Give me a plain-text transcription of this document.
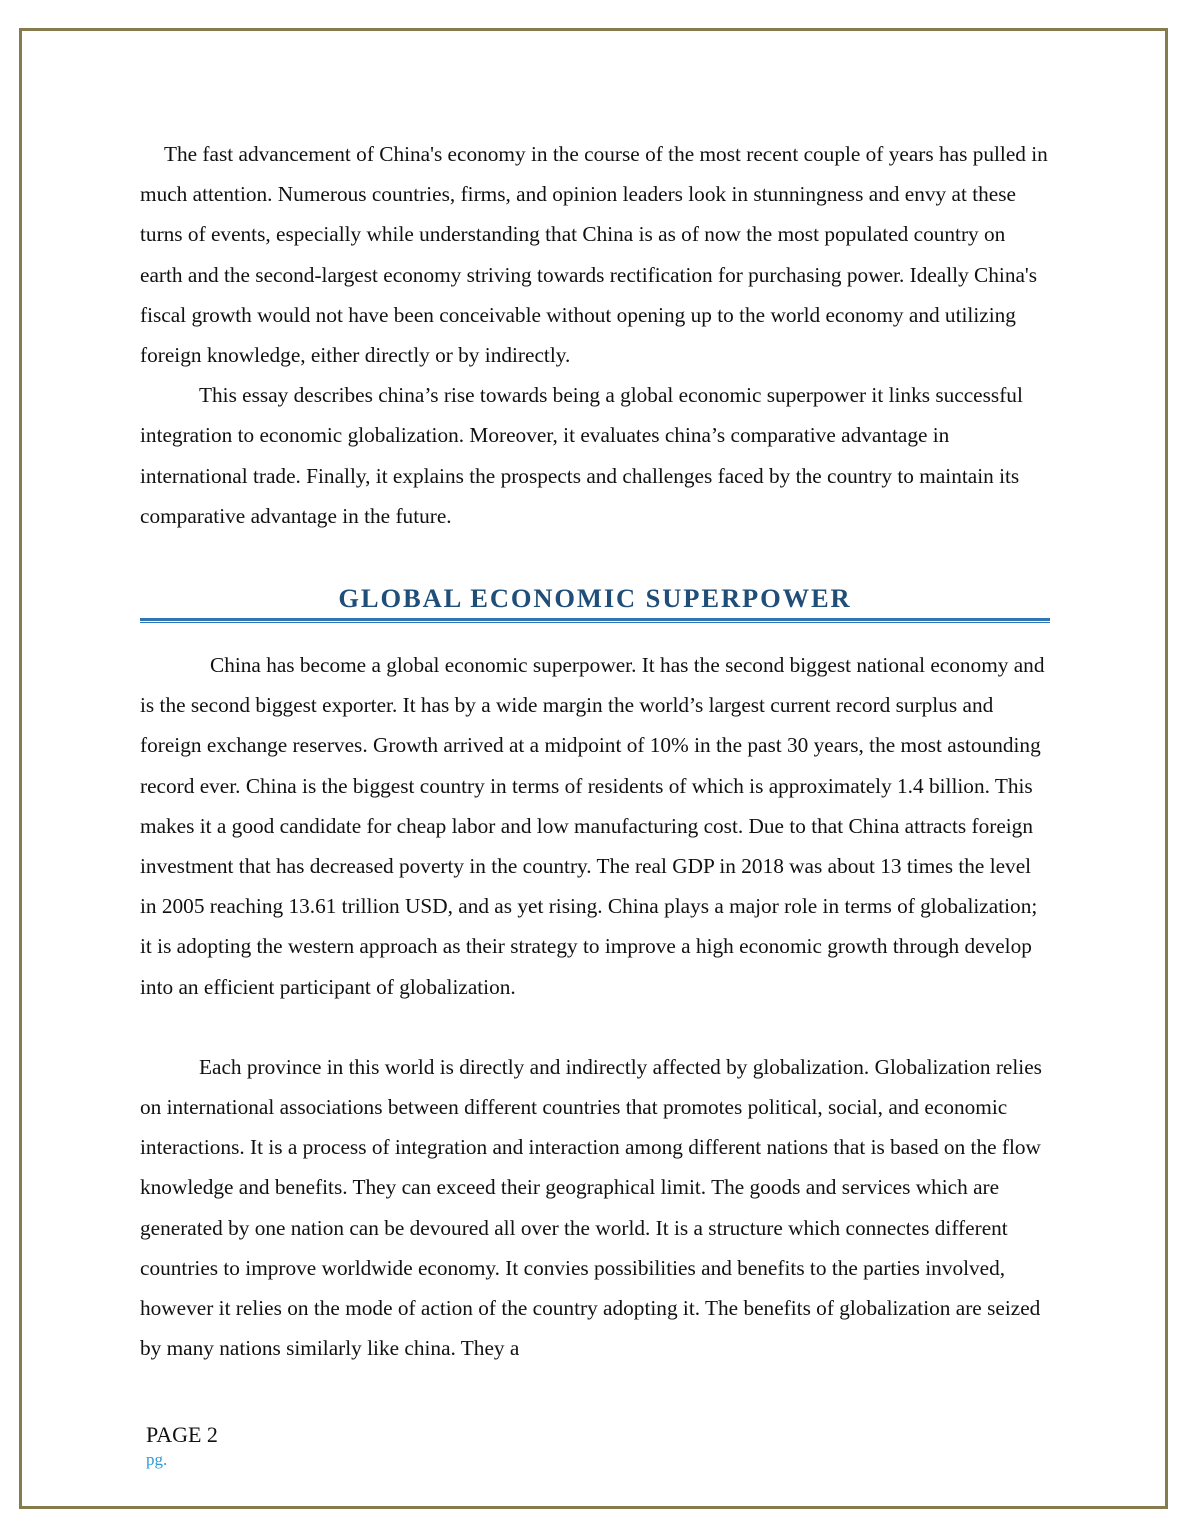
The fast advancement of China's economy in the course of the most recent couple of years has pulled in much attention. Numerous countries, firms, and opinion leaders look in stunningness and envy at these turns of events, especially while understanding that China is as of now the most populated country on earth and the second-largest economy striving towards rectification for purchasing power. Ideally China's fiscal growth would not have been conceivable without opening up to the world economy and utilizing foreign knowledge, either directly or by indirectly.

This essay describes china’s rise towards being a global economic superpower it links successful integration to economic globalization. Moreover, it evaluates china’s comparative advantage in international trade. Finally, it explains the prospects and challenges faced by the country to maintain its comparative advantage in the future.

GLOBAL ECONOMIC SUPERPOWER

China has become a global economic superpower. It has the second biggest national economy and is the second biggest exporter. It has by a wide margin the world’s largest current record surplus and foreign exchange reserves. Growth arrived at a midpoint of 10% in the past 30 years, the most astounding record ever. China is the biggest country in terms of residents of which is approximately 1.4 billion. This makes it a good candidate for cheap labor and low manufacturing cost. Due to that China attracts foreign investment that has decreased poverty in the country. The real GDP in 2018 was about 13 times the level in 2005 reaching 13.61 trillion USD, and as yet rising. China plays a major role in terms of globalization; it is adopting the western approach as their strategy to improve a high economic growth through develop into an efficient participant of globalization.

Each province in this world is directly and indirectly affected by globalization. Globalization relies on international associations between different countries that promotes political, social, and economic interactions. It is a process of integration and interaction among different nations that is based on the flow knowledge and benefits. They can exceed their geographical limit. The goods and services which are generated by one nation can be devoured all over the world. It is a structure which connectes different countries to improve worldwide economy. It convies possibilities and benefits to the parties involved, however it relies on the mode of action of the country adopting it. The benefits of globalization are seized by many nations similarly like china. They a

PAGE 2
pg.
